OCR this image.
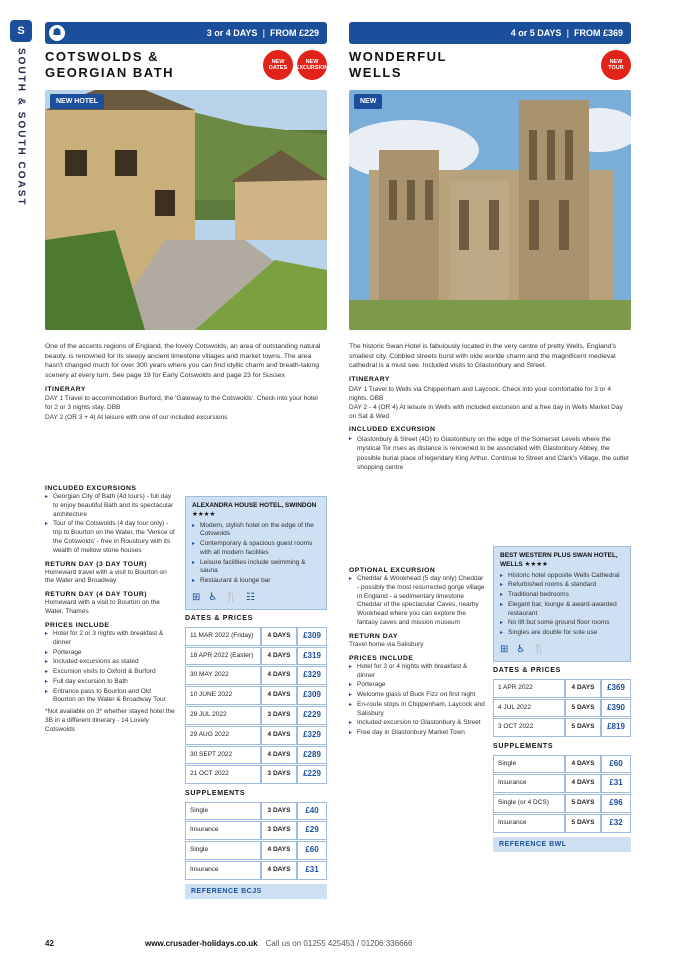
S
SOUTH & SOUTH COAST
☗	3 or 4 DAYS | FROM £229
COTSWOLDS &
GEORGIAN BATH
NEW DATES
NEW EXCURSION
NEW HOTEL
One of the accents regions of England, the lovely Cotswolds, an area of outstanding natural beauty, is renowned for its sleepy ancient limestone villages and market towns. The area hasn't changed much for over 300 years where you can find idyllic charm and breath-taking scenery at every turn. See page 19 for Early Cotswolds and page 23 for Sussex
ITINERARY
DAY 1 Travel to accommodation Burford, the 'Gateway to the Cotswolds'. Check into your hotel for 2 or 3 nights stay. DBB
DAY 2 (OR 3 + 4) At leisure with one of our included excursions
INCLUDED EXCURSIONS
▸ Georgian City of Bath (4d tours) - full day to enjoy beautiful Bath and its spectacular architecture
▸ Tour of the Cotswolds (4 day tour only) - trip to Bourton on the Water, the 'Venice of the Cotswolds' - free in Rousbury with its wealth of mellow stone houses
RETURN DAY (3 DAY TOUR)
Homeward travel with a visit to Bourton on the Water and Broadway
RETURN DAY (4 DAY TOUR)
Homeward with a visit to Bourton on the Water, Thames
PRICES INCLUDE
▸ Hotel for 2 or 3 nights with breakfast & dinner
▸ Porterage
▸ Included excursions as stated
▸ Excursion visits to Oxford & Burford
▸ Full day excursion to Bath
▸ Entrance pass to Bourton and Old Bourton on the Water & Broadway Tour
*Not available on 3* whether stayed hotel the 3B in a different itinerary - 14 Lovely Cotswolds
ALEXANDRA HOUSE HOTEL, SWINDON ★★★★
▸ Modern, stylish hotel on the edge of the Cotswolds
▸ Contemporary & spacious guest rooms with all modern facilities
▸ Leisure facilities include swimming & sauna
▸ Restaurant & lounge bar
⊞ ♿ 🍴 ☷
DATES & PRICES
11 MAR 2022 (Friday)	4 DAYS	£309
18 APR 2022 (Easter)	4 DAYS	£319
30 MAY 2022	4 DAYS	£329
10 JUNE 2022	4 DAYS	£309
29 JUL 2022	3 DAYS	£229
29 AUG 2022	4 DAYS	£329
30 SEPT 2022	4 DAYS	£289
21 OCT 2022	3 DAYS	£229
SUPPLEMENTS
Single	3 DAYS	£40
Insurance	3 DAYS	£29
Single	4 DAYS	£60
Insurance	4 DAYS	£31
REFERENCE BCJS
4 or 5 DAYS | FROM £369
WONDERFUL
WELLS
NEW TOUR
NEW
The historic Swan Hotel is fabulously located in the very centre of pretty Wells, England's smallest city. Cobbled streets burst with olde worlde charm and the magnificent medieval cathedral is a must see. Included visits to Glastonbury and Street.
ITINERARY
DAY 1 Travel to Wells via Chippenham and Laycock. Check into your comfortable for 3 or 4 nights. DBB
DAY 2 - 4 (OR 4) At leisure in Wells with included excursion and a free day in Wells Market Day on Sat & Wed
INCLUDED EXCURSION
▸ Glastonbury & Street (4D) to Glastonbury on the edge of the Somerset Levels where the mystical Tor rises as distance is renowned to be associated with Glastonbury Abbey, the possible burial place of legendary King Arthur. Continue to Street and Clark's Village, the outlet shopping centre
OPTIONAL EXCURSION
▸ Cheddar & Wookhead (5 day only) Cheddar - possibly the most resurrected gorge village in England - a sedimentary limestone Cheddar of the spectacular Caves, nearby Wookhead where you can explore the fantasy caves and mission museum
RETURN DAY
Travel home via Salisbury
PRICES INCLUDE
▸ Hotel for 3 or 4 nights with breakfast & dinner
▸ Porterage
▸ Welcome glass of Buck Fizz on first night
▸ En-route stops in Chippenham, Laycock and Salisbury
▸ Included excursion to Glastonbury & Street
▸ Free day in Glastonbury Market Town
BEST WESTERN PLUS SWAN HOTEL, WELLS ★★★★
▸ Historic hotel opposite Wells Cathedral
▸ Refurbished rooms & standard
▸ Traditional bedrooms
▸ Elegant bar, lounge & award-awarded restaurant
▸ No lift but some ground floor rooms
▸ Singles are double for sole use
⊞ ♿ 🍴
DATES & PRICES
1 APR 2022	4 DAYS	£369
4 JUL 2022	5 DAYS	£390
3 OCT 2022	5 DAYS	£819
SUPPLEMENTS
Single	4 DAYS	£60
Insurance	4 DAYS	£31
Single (or 4 DCS)	5 DAYS	£96
Insurance	5 DAYS	£32
REFERENCE BWL
42	www.crusader-holidays.co.uk Call us on 01255 425453 / 01206 336666
